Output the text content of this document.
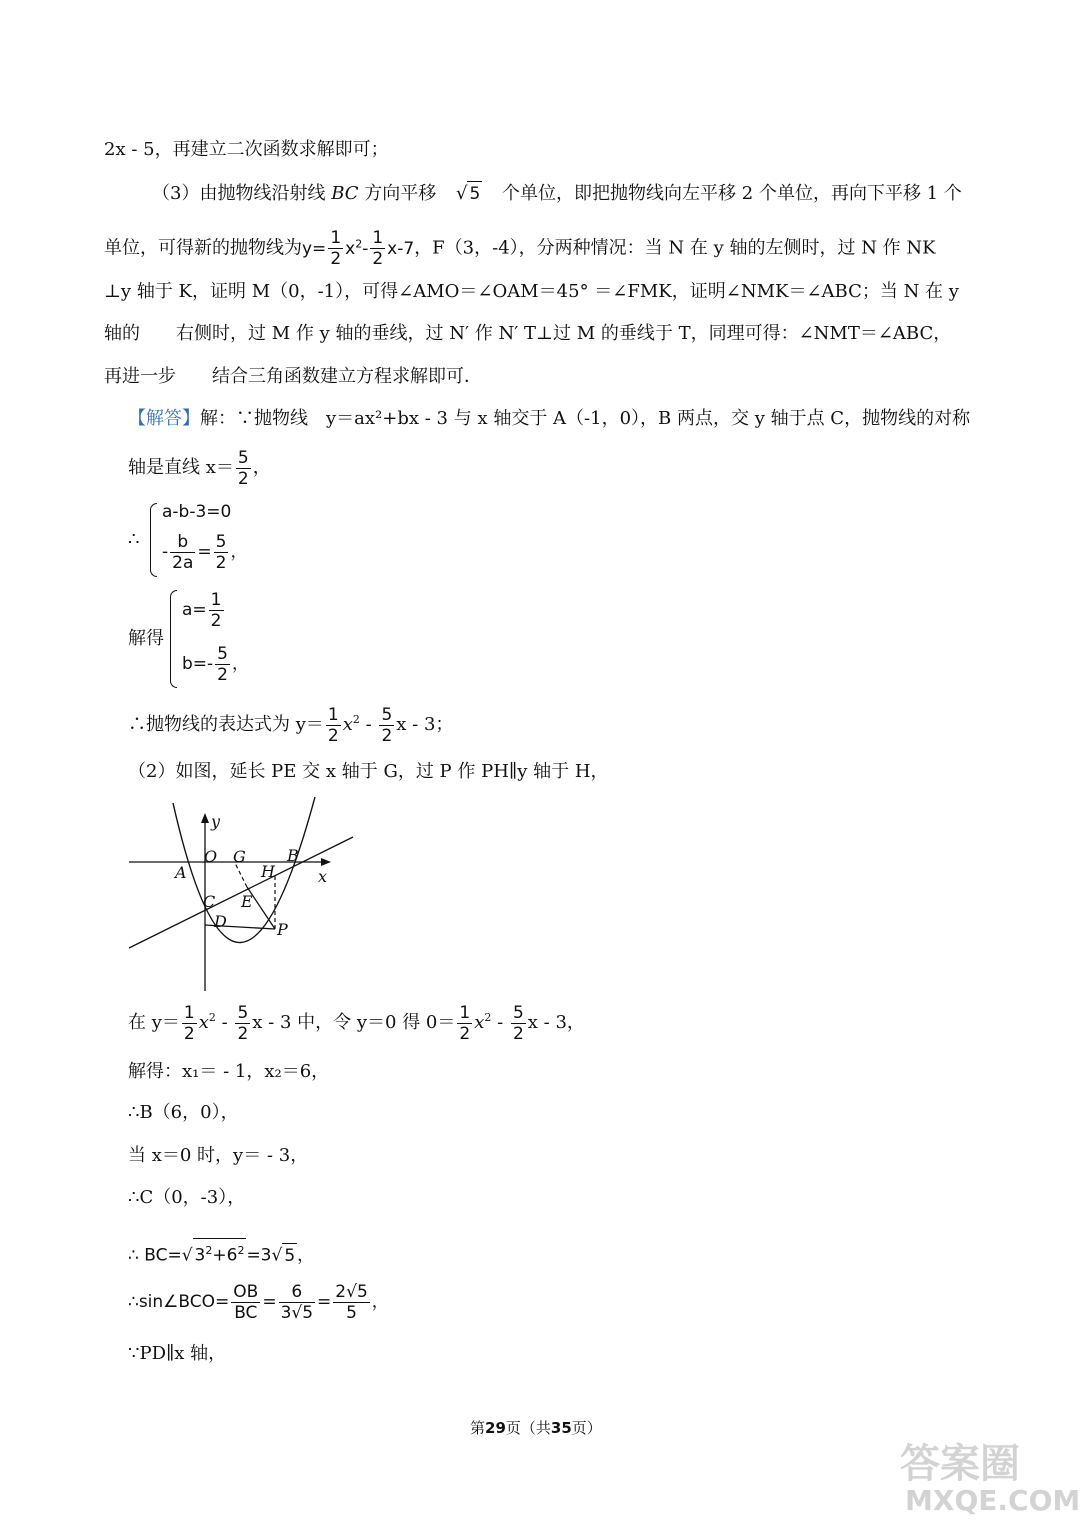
2x - 5，再建立二次函数求解即可；
（3）由抛物线沿射线 BC 方向平移 √ 5 个单位，即把抛物线向左平移 2 个单位，再向下平移 1 个
单位，可得新的抛物线为$y= \frac{1}{2} x^2- \frac{1}{2} x-7$，F（3，-4），分两种情况：当 N 在 y 轴的左侧时，过 N 作 NK
⊥y 轴于 K，证明 M（0，-1），可得∠AMO＝∠OAM＝45° ＝∠FMK，证明∠NMK＝∠ABC；当 N 在 y
轴的　　右侧时，过 M 作 y 轴的垂线，过 N′ 作 N′ T⊥过 M 的垂线于 T，同理可得：∠NMT＝∠ABC，
再进一步　　结合三角函数建立方程求解即可．
【解答】解：∵抛物线　y＝ax²+bx - 3 与 x 轴交于 A（-1，0），B 两点，交 y 轴于点 C，抛物线的对称
轴是直线 $x= \frac{5}{2}$ ，
∴
a-b-3=0
- $\frac{b}{2a} = \frac{5}{2}$ ，
解得
$a= \frac{1}{2}$
$b=- \frac{5}{2}$ ，
∴抛物线的表达式为 $y= \frac{1}{2} x^2 - \frac{5}{2}$ x - 3；
（2）如图，延长 PE 交 x 轴于 G，过 P 作 PH∥y 轴于 H，
y
x
O G	B
A	H
C E
D	P
在 $y= \frac{1}{2} x^2 - \frac{5}{2}$ x - 3 中，令 y＝0 得 $0= \frac{1}{2} x^2 - \frac{5}{2}$ x - 3，
解得：x₁＝ - 1，x₂＝6，
∴B（6，0），
当 x＝0 时，y＝ - 3，
∴C（0，-3），
∴ BC=√ $3^2+6^2 =3√$ 5 ，
∴sin∠BCO= $\frac{OB}{BC} = \frac{6}{3√5} = \frac{2√5}{5}$ ，
∵PD∥x 轴，
第29页（共35页）
答案圈
MXQE.COM
